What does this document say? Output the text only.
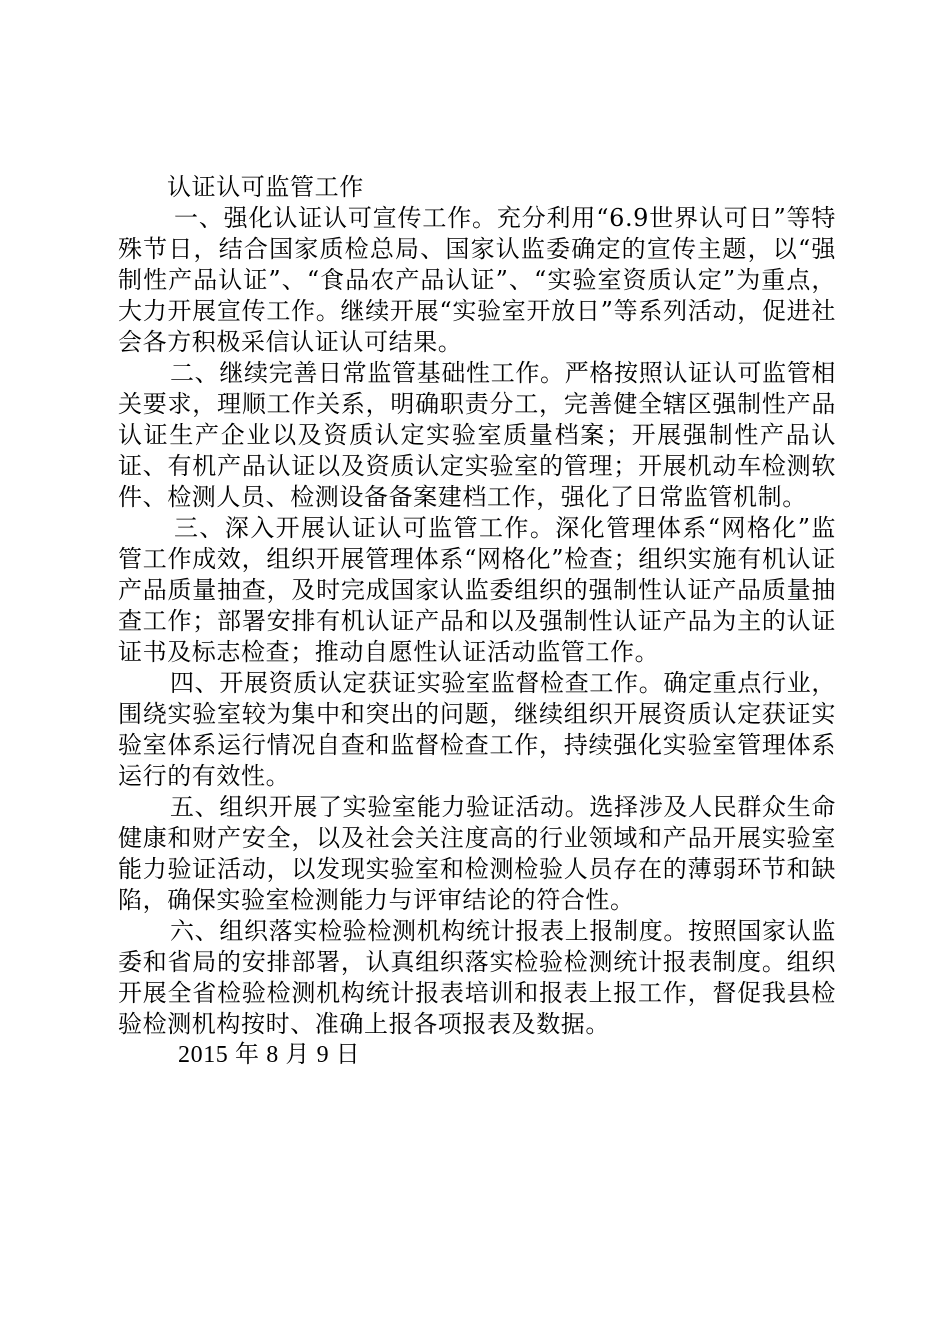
认证认可监管工作

一、强化认证认可宣传工作。充分利用“6.9世界认可日”等特殊节日，结合国家质检总局、国家认监委确定的宣传主题，以“强制性产品认证”、“食品农产品认证”、“实验室资质认定”为重点，大力开展宣传工作。继续开展“实验室开放日”等系列活动，促进社会各方积极采信认证认可结果。

二、继续完善日常监管基础性工作。严格按照认证认可监管相关要求，理顺工作关系，明确职责分工，完善健全辖区强制性产品认证生产企业以及资质认定实验室质量档案；开展强制性产品认证、有机产品认证以及资质认定实验室的管理；开展机动车检测软件、检测人员、检测设备备案建档工作，强化了日常监管机制。

三、深入开展认证认可监管工作。深化管理体系“网格化”监管工作成效，组织开展管理体系“网格化”检查；组织实施有机认证产品质量抽查，及时完成国家认监委组织的强制性认证产品质量抽查工作；部署安排有机认证产品和以及强制性认证产品为主的认证证书及标志检查；推动自愿性认证活动监管工作。

四、开展资质认定获证实验室监督检查工作。确定重点行业，围绕实验室较为集中和突出的问题，继续组织开展资质认定获证实验室体系运行情况自查和监督检查工作，持续强化实验室管理体系运行的有效性。

五、组织开展了实验室能力验证活动。选择涉及人民群众生命健康和财产安全，以及社会关注度高的行业领域和产品开展实验室能力验证活动，以发现实验室和检测检验人员存在的薄弱环节和缺陷，确保实验室检测能力与评审结论的符合性。

六、组织落实检验检测机构统计报表上报制度。按照国家认监委和省局的安排部署，认真组织落实检验检测统计报表制度。组织开展全省检验检测机构统计报表培训和报表上报工作，督促我县检验检测机构按时、准确上报各项报表及数据。

2015 年 8 月 9 日
